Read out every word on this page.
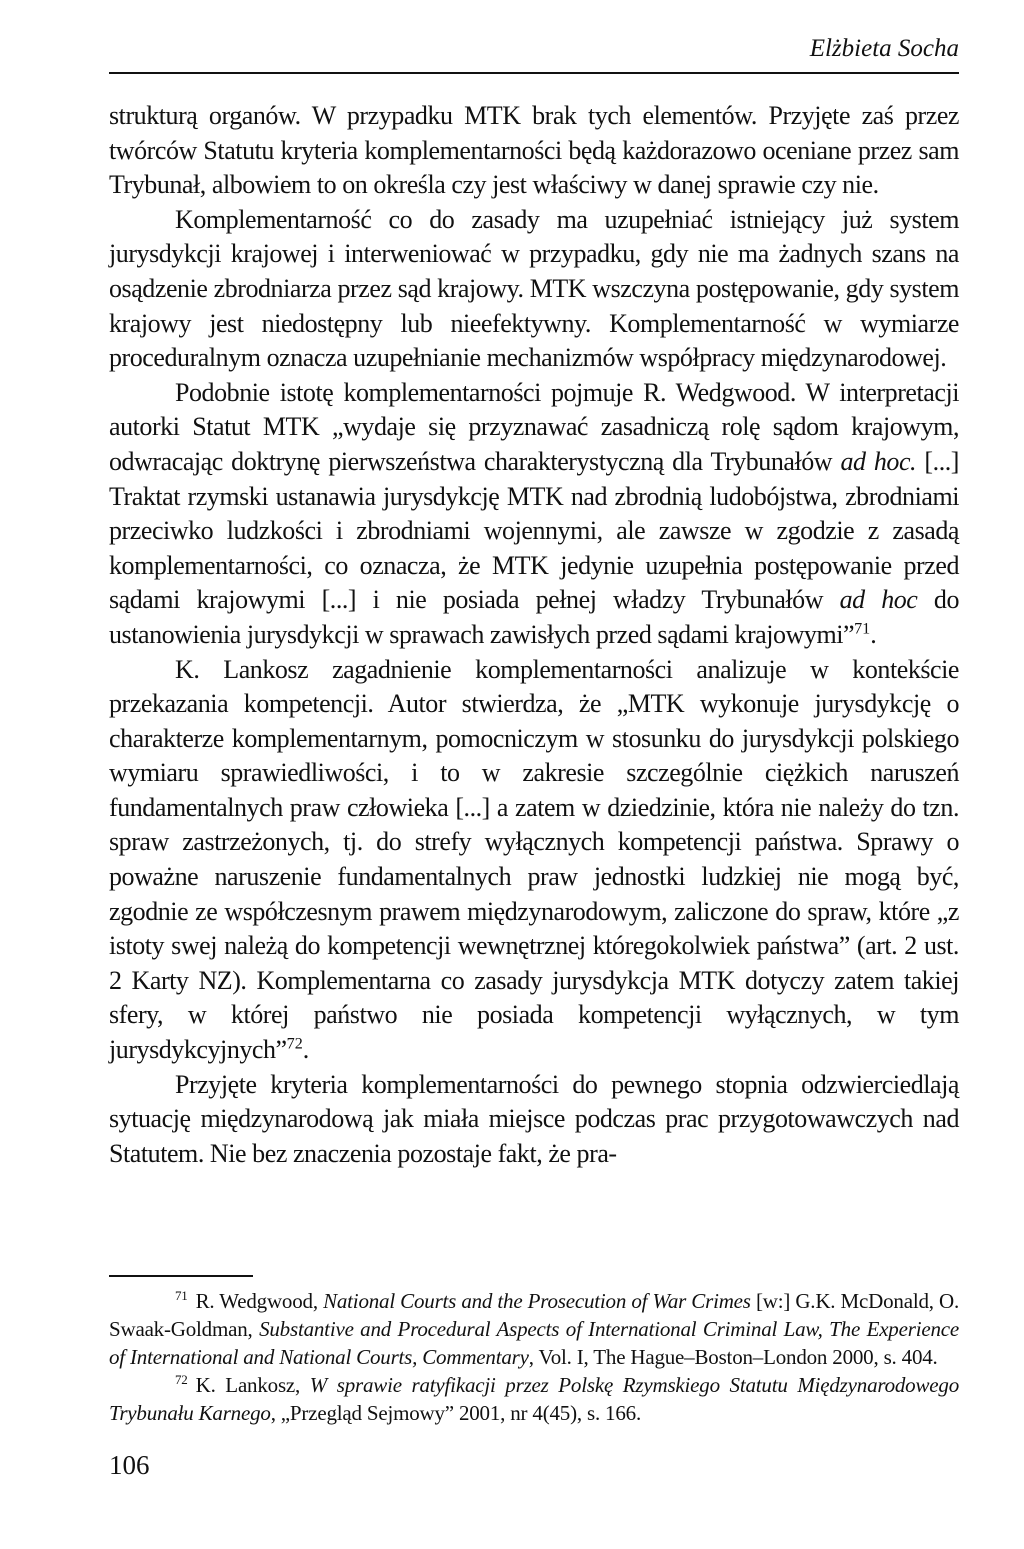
Elżbieta Socha

strukturą organów. W przypadku MTK brak tych elementów. Przyjęte zaś przez twórców Statutu kryteria komplementarności będą każdorazowo oceniane przez sam Trybunał, albowiem to on określa czy jest właściwy w danej sprawie czy nie.

Komplementarność co do zasady ma uzupełniać istniejący już system jurysdykcji krajowej i interweniować w przypadku, gdy nie ma żadnych szans na osądzenie zbrodniarza przez sąd krajowy. MTK wszczyna postępowanie, gdy system krajowy jest niedostępny lub nieefektywny. Komplementarność w wymiarze proceduralnym oznacza uzupełnianie mechanizmów współpracy międzynarodowej.

Podobnie istotę komplementarności pojmuje R. Wedgwood. W interpretacji autorki Statut MTK „wydaje się przyznawać zasadniczą rolę sądom krajowym, odwracając doktrynę pierwszeństwa charakterystyczną dla Trybunałów ad hoc. [...] Traktat rzymski ustanawia jurysdykcję MTK nad zbrodnią ludobójstwa, zbrodniami przeciwko ludzkości i zbrodniami wojennymi, ale zawsze w zgodzie z zasadą komplementarności, co oznacza, że MTK jedynie uzupełnia postępowanie przed sądami krajowymi [...] i nie posiada pełnej władzy Trybunałów ad hoc do ustanowienia jurysdykcji w sprawach zawisłych przed sądami krajowymi”$^{71}$.

K. Lankosz zagadnienie komplementarności analizuje w kontekście przekazania kompetencji. Autor stwierdza, że „MTK wykonuje jurysdykcję o charakterze komplementarnym, pomocniczym w stosunku do jurysdykcji polskiego wymiaru sprawiedliwości, i to w zakresie szczególnie ciężkich naruszeń fundamentalnych praw człowieka [...] a zatem w dziedzinie, która nie należy do tzn. spraw zastrzeżonych, tj. do strefy wyłącznych kompetencji państwa. Sprawy o poważne naruszenie fundamentalnych praw jednostki ludzkiej nie mogą być, zgodnie ze współczesnym prawem międzynarodowym, zaliczone do spraw, które „z istoty swej należą do kompetencji wewnętrznej któregokolwiek państwa” (art. 2 ust. 2 Karty NZ). Komplementarna co zasady jurysdykcja MTK dotyczy zatem takiej sfery, w której państwo nie posiada kompetencji wyłącznych, w tym jurysdykcyjnych”$^{72}$.

Przyjęte kryteria komplementarności do pewnego stopnia odzwierciedlają sytuację międzynarodową jak miała miejsce podczas prac przygotowawczych nad Statutem. Nie bez znaczenia pozostaje fakt, że pra-

$^{71}$ R. Wedgwood, National Courts and the Prosecution of War Crimes [w:] G.K. McDonald, O. Swaak-Goldman, Substantive and Procedural Aspects of International Criminal Law, The Experience of International and National Courts, Commentary, Vol. I, The Hague–Boston–London 2000, s. 404.

$^{72}$ K. Lankosz, W sprawie ratyfikacji przez Polskę Rzymskiego Statutu Międzynarodowego Trybunału Karnego, „Przegląd Sejmowy” 2001, nr 4(45), s. 166.

106
